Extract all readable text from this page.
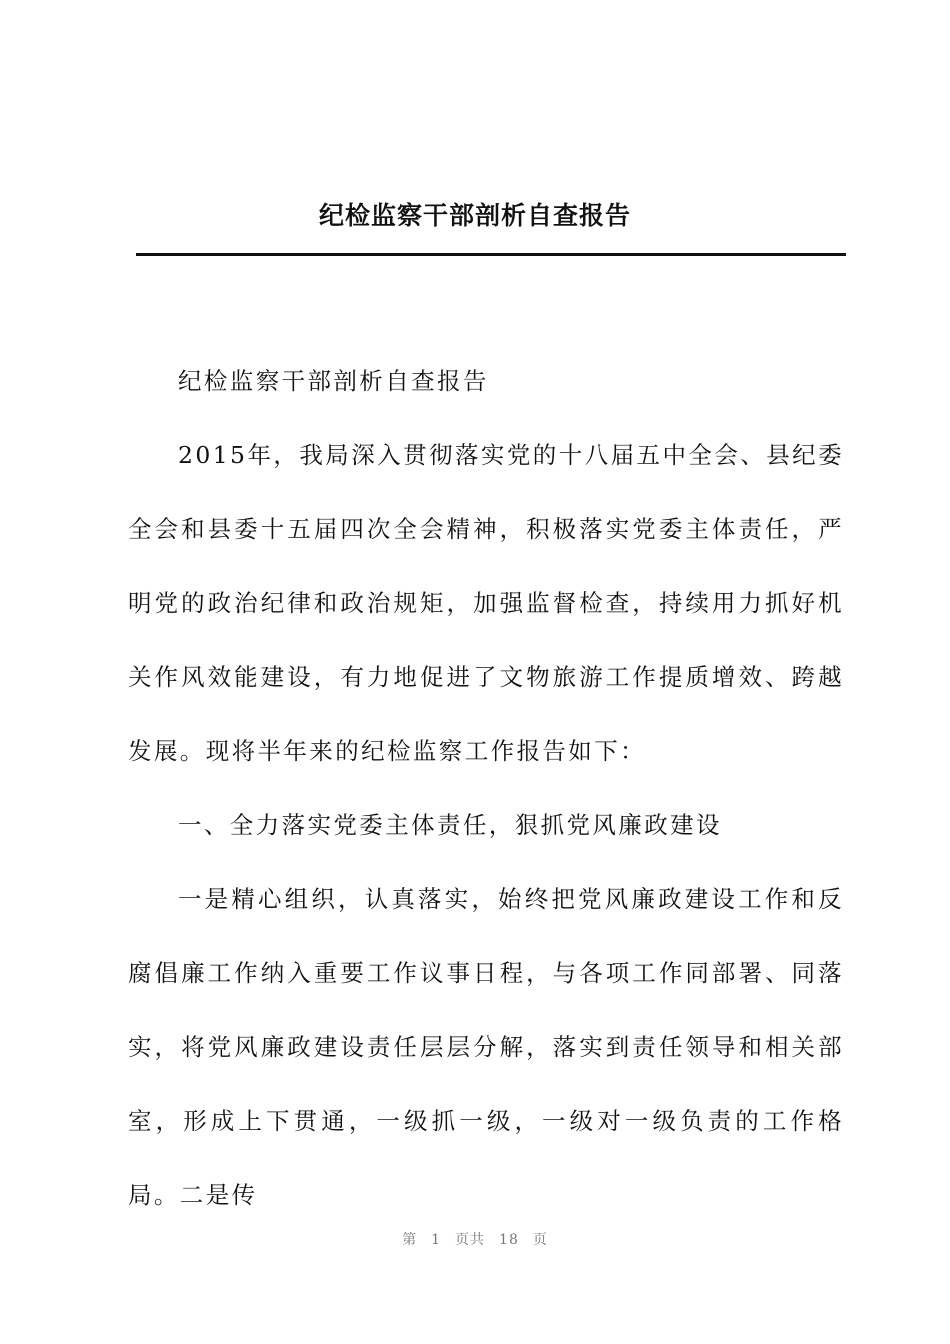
纪检监察干部剖析自查报告

纪检监察干部剖析自查报告

2015年，我局深入贯彻落实党的十八届五中全会、县纪委全会和县委十五届四次全会精神，积极落实党委主体责任，严明党的政治纪律和政治规矩，加强监督检查，持续用力抓好机关作风效能建设，有力地促进了文物旅游工作提质增效、跨越发展。现将半年来的纪检监察工作报告如下：

一、全力落实党委主体责任，狠抓党风廉政建设

一是精心组织，认真落实，始终把党风廉政建设工作和反腐倡廉工作纳入重要工作议事日程，与各项工作同部署、同落实，将党风廉政建设责任层层分解，落实到责任领导和相关部室，形成上下贯通，一级抓一级，一级对一级负责的工作格局。二是传

第 1 页共 18 页
